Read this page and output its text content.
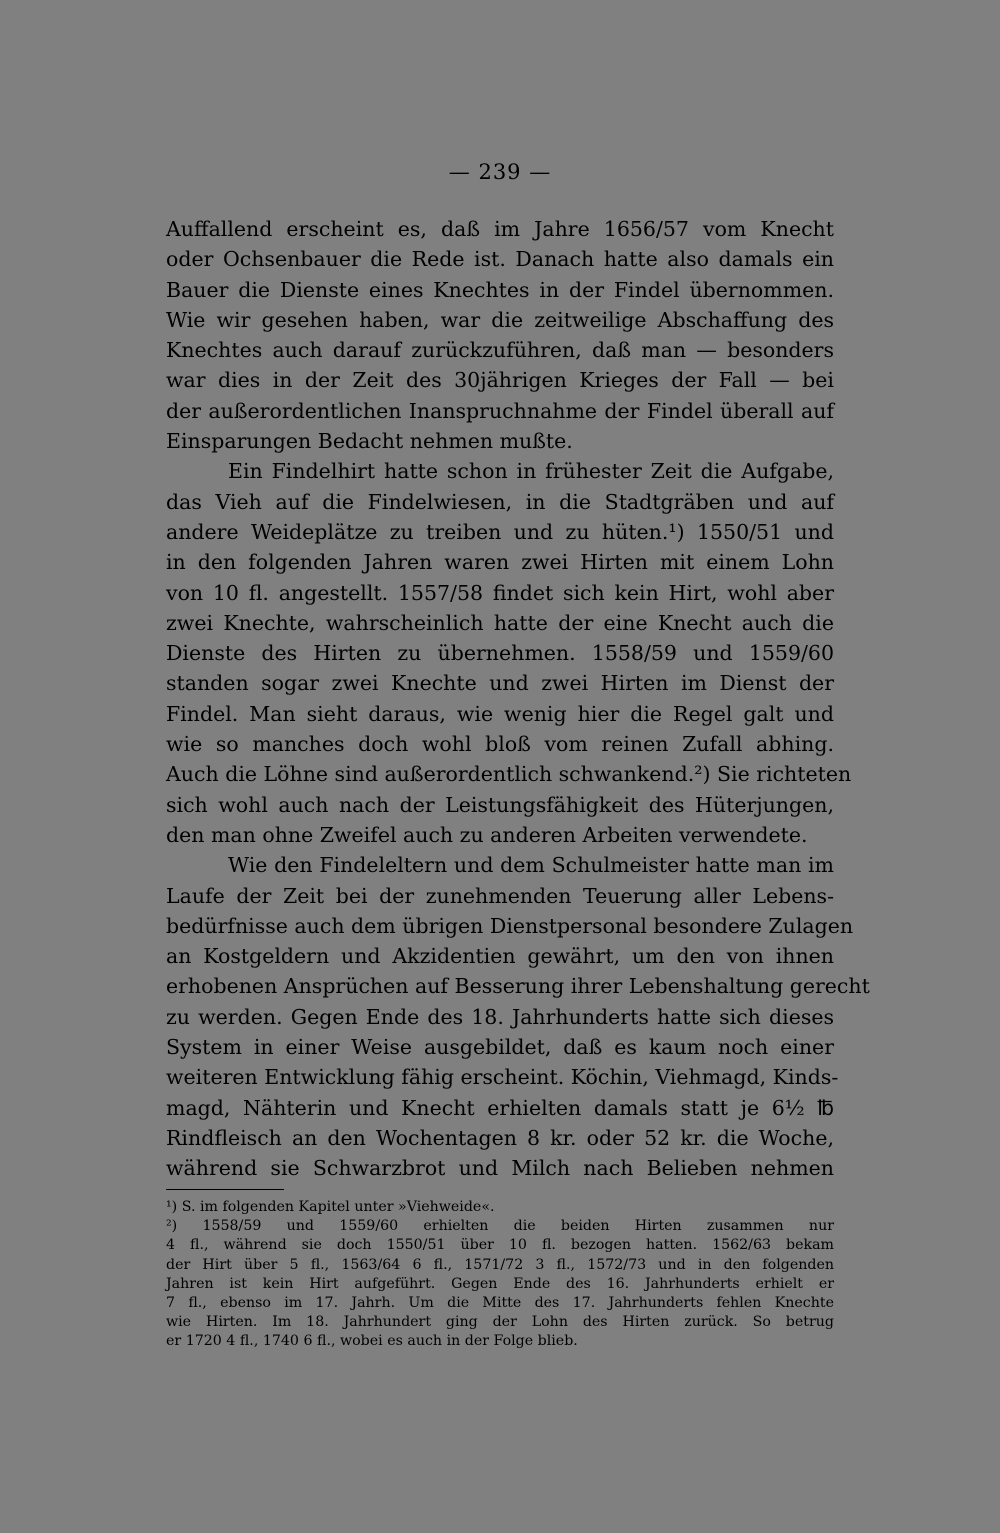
— 239 —
Auffallend erscheint es, daß im Jahre 1656/57 vom Knecht
oder Ochsenbauer die Rede ist. Danach hatte also damals ein
Bauer die Dienste eines Knechtes in der Findel übernommen.
Wie wir gesehen haben, war die zeitweilige Abschaffung des
Knechtes auch darauf zurückzuführen, daß man — besonders
war dies in der Zeit des 30jährigen Krieges der Fall — bei
der außerordentlichen Inanspruchnahme der Findel überall auf
Einsparungen Bedacht nehmen mußte.
Ein Findelhirt hatte schon in frühester Zeit die Aufgabe,
das Vieh auf die Findelwiesen, in die Stadtgräben und auf
andere Weideplätze zu treiben und zu hüten.¹) 1550/51 und
in den folgenden Jahren waren zwei Hirten mit einem Lohn
von 10 fl. angestellt. 1557/58 findet sich kein Hirt, wohl aber
zwei Knechte, wahrscheinlich hatte der eine Knecht auch die
Dienste des Hirten zu übernehmen. 1558/59 und 1559/60
standen sogar zwei Knechte und zwei Hirten im Dienst der
Findel. Man sieht daraus, wie wenig hier die Regel galt und
wie so manches doch wohl bloß vom reinen Zufall abhing.
Auch die Löhne sind außerordentlich schwankend.²) Sie richteten
sich wohl auch nach der Leistungsfähigkeit des Hüterjungen,
den man ohne Zweifel auch zu anderen Arbeiten verwendete.
Wie den Findeleltern und dem Schulmeister hatte man im
Laufe der Zeit bei der zunehmenden Teuerung aller Lebens-
bedürfnisse auch dem übrigen Dienstpersonal besondere Zulagen
an Kostgeldern und Akzidentien gewährt, um den von ihnen
erhobenen Ansprüchen auf Besserung ihrer Lebenshaltung gerecht
zu werden. Gegen Ende des 18. Jahrhunderts hatte sich dieses
System in einer Weise ausgebildet, daß es kaum noch einer
weiteren Entwicklung fähig erscheint. Köchin, Viehmagd, Kinds-
magd, Nähterin und Knecht erhielten damals statt je 6½ ℔
Rindfleisch an den Wochentagen 8 kr. oder 52 kr. die Woche,
während sie Schwarzbrot und Milch nach Belieben nehmen
¹) S. im folgenden Kapitel unter »Viehweide«.
²) 1558/59 und 1559/60 erhielten die beiden Hirten zusammen nur
4 fl., während sie doch 1550/51 über 10 fl. bezogen hatten. 1562/63 bekam
der Hirt über 5 fl., 1563/64 6 fl., 1571/72 3 fl., 1572/73 und in den folgenden
Jahren ist kein Hirt aufgeführt. Gegen Ende des 16. Jahrhunderts erhielt er
7 fl., ebenso im 17. Jahrh. Um die Mitte des 17. Jahrhunderts fehlen Knechte
wie Hirten. Im 18. Jahrhundert ging der Lohn des Hirten zurück. So betrug
er 1720 4 fl., 1740 6 fl., wobei es auch in der Folge blieb.
